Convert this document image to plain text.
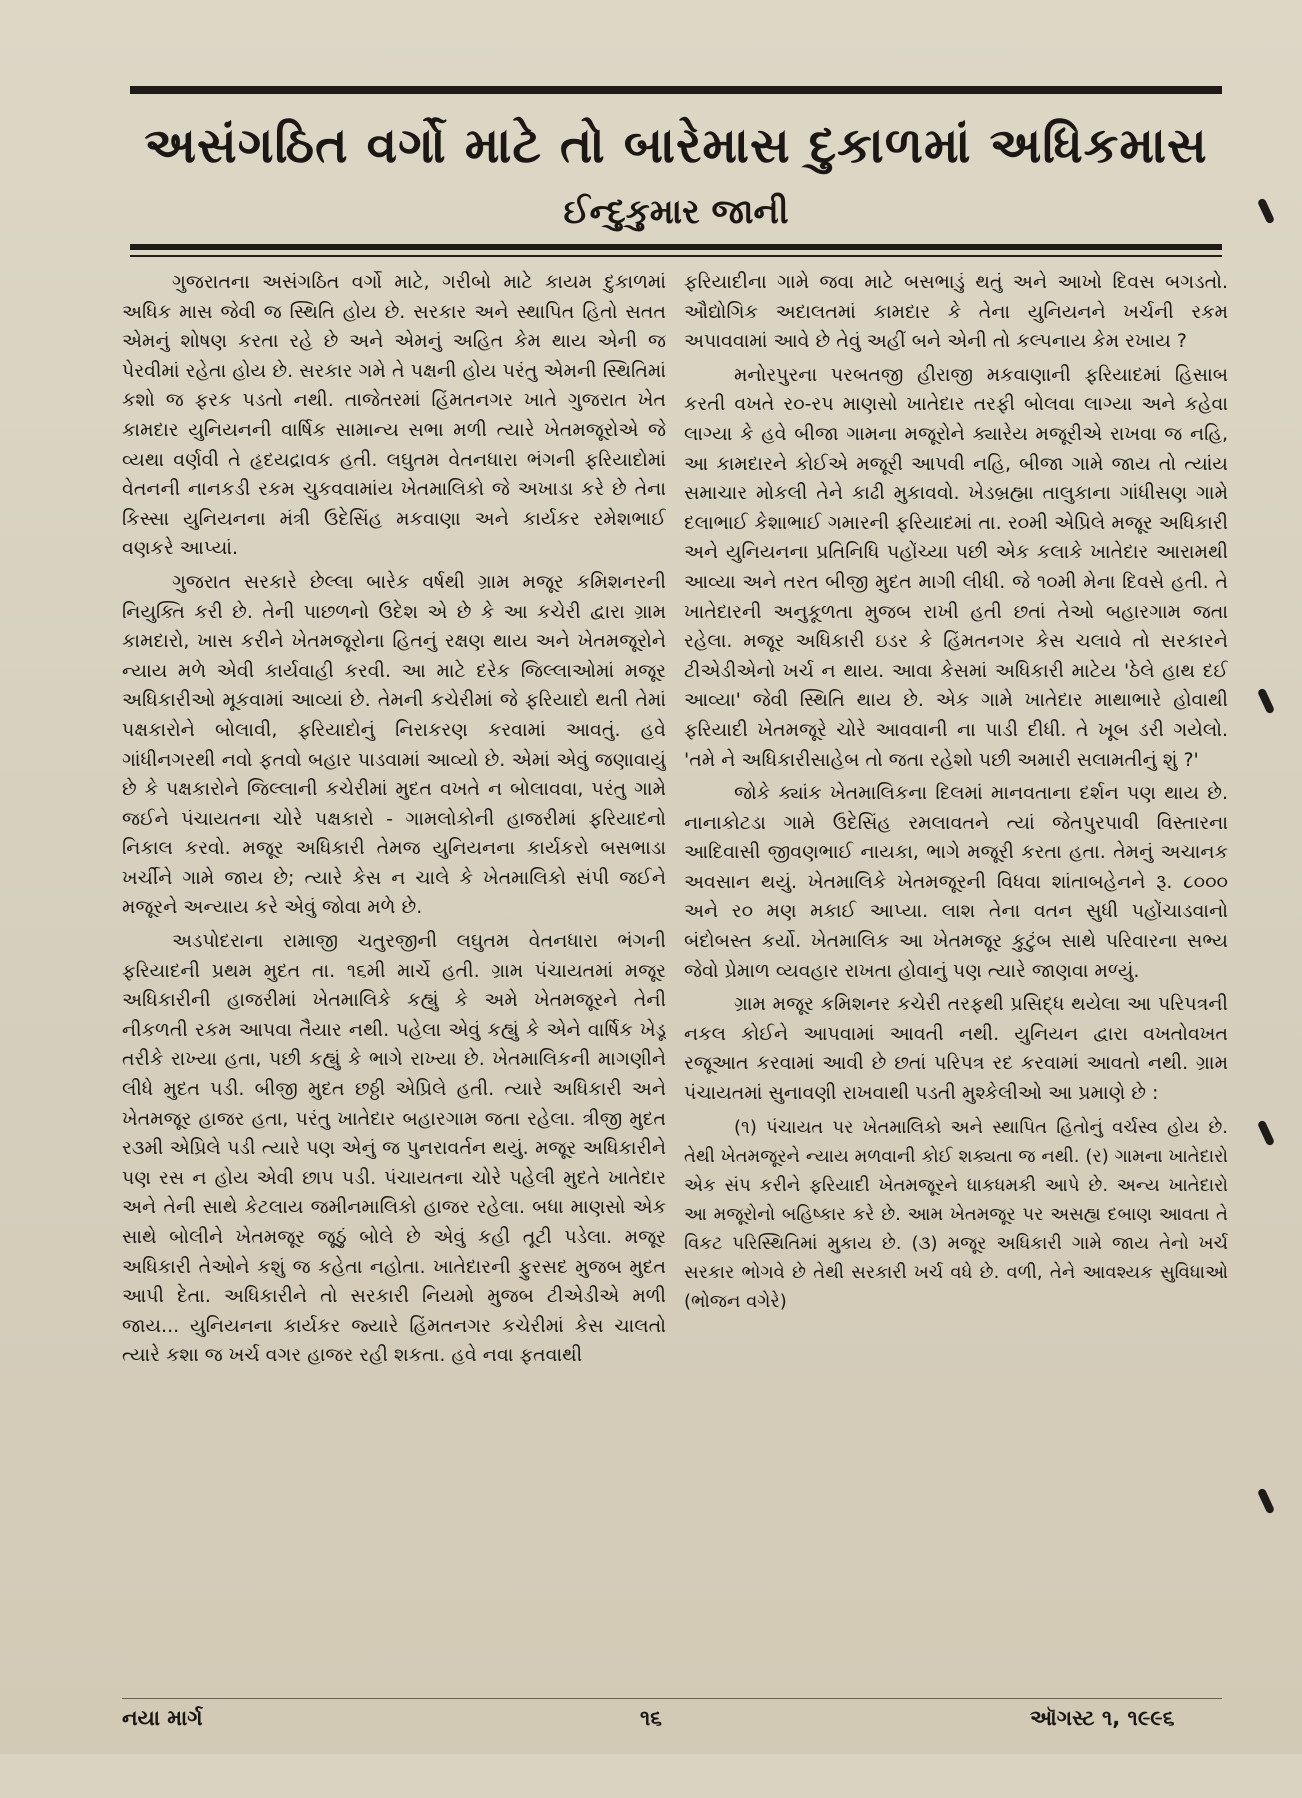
અસંગઠિત વર્ગો માટે તો બારેમાસ દુકાળમાં અધિકમાસ
ઈન્દુકુમાર જાની

ગુજરાતના અસંગઠિત વર્ગો માટે, ગરીબો માટે કાયમ દુકાળમાં અધિક માસ જેવી જ સ્થિતિ હોય છે. સરકાર અને સ્થાપિત હિતો સતત એમનું શોષણ કરતા રહે છે અને એમનું અહિત કેમ થાય એની જ પેરવીમાં રહેતા હોય છે. સરકાર ગમે તે પક્ષની હોય પરંતુ એમની સ્થિતિમાં કશો જ ફરક પડતો નથી. તાજેતરમાં હિંમતનગર ખાતે ગુજરાત ખેત કામદાર યુનિયનની વાર્ષિક સામાન્ય સભા મળી ત્યારે ખેતમજૂરોએ જે વ્યથા વર્ણવી તે હૃદયદ્રાવક હતી. લઘુતમ વેતનધારા ભંગની ફરિયાદોમાં વેતનની નાનકડી રકમ ચુકવવામાંય ખેતમાલિકો જે અખાડા કરે છે તેના કિસ્સા યુનિયનના મંત્રી ઉદેસિંહ મકવાણા અને કાર્યકર રમેશભાઈ વણકરે આપ્યાં.

ગુજરાત સરકારે છેલ્લા બારેક વર્ષથી ગ્રામ મજૂર કમિશનરની નિયુક્તિ કરી છે. તેની પાછળનો ઉદેશ એ છે કે આ કચેરી દ્વારા ગ્રામ કામદારો, ખાસ કરીને ખેતમજૂરોના હિતનું રક્ષણ થાય અને ખેતમજૂરોને ન્યાય મળે એવી કાર્યવાહી કરવી. આ માટે દરેક જિલ્લાઓમાં મજૂર અધિકારીઓ મૂકવામાં આવ્યાં છે. તેમની કચેરીમાં જે ફરિયાદો થતી તેમાં પક્ષકારોને બોલાવી, ફરિયાદોનું નિરાકરણ કરવામાં આવતું. હવે ગાંધીનગરથી નવો ફતવો બહાર પાડવામાં આવ્યો છે. એમાં એવું જણાવાયું છે કે પક્ષકારોને જિલ્લાની કચેરીમાં મુદત વખતે ન બોલાવવા, પરંતુ ગામે જઈને પંચાયતના ચોરે પક્ષકારો - ગામલોકોની હાજરીમાં ફરિયાદનો નિકાલ કરવો. મજૂર અધિકારી તેમજ યુનિયનના કાર્યકરો બસભાડા ખર્ચીને ગામે જાય છે; ત્યારે કેસ ન ચાલે કે ખેતમાલિકો સંપી જઈને મજૂરને અન્યાય કરે એવું જોવા મળે છે.

અડપોદરાના રામાજી ચતુરજીની લઘુતમ વેતનધારા ભંગની ફરિયાદની પ્રથમ મુદત તા. ૧૬મી માર્ચે હતી. ગ્રામ પંચાયતમાં મજૂર અધિકારીની હાજરીમાં ખેતમાલિકે કહ્યું કે અમે ખેતમજૂરને તેની નીકળતી રકમ આપવા તૈયાર નથી. પહેલા એવું કહ્યું કે એને વાર્ષિક ખેડૂ તરીકે રાખ્યા હતા, પછી કહ્યું કે ભાગે રાખ્યા છે. ખેતમાલિકની માગણીને લીધે મુદત પડી. બીજી મુદત છઠ્ઠી એપ્રિલે હતી. ત્યારે અધિકારી અને ખેતમજૂર હાજર હતા, પરંતુ ખાતેદાર બહારગામ જતા રહેલા. ત્રીજી મુદત ર૩મી એપ્રિલે પડી ત્યારે પણ એનું જ પુનરાવર્તન થયું. મજૂર અધિકારીને પણ રસ ન હોય એવી છાપ પડી. પંચાયતના ચોરે પહેલી મુદતે ખાતેદાર અને તેની સાથે કેટલાય જમીનમાલિકો હાજર રહેલા. બધા માણસો એક સાથે બોલીને ખેતમજૂર જૂઠું બોલે છે એવું કહી તૂટી પડેલા. મજૂર અધિકારી તેઓને કશું જ કહેતા નહોતા. ખાતેદારની ફુરસદ મુજબ મુદત આપી દેતા. અધિકારીને તો સરકારી નિયમો મુજબ ટીએડીએ મળી જાય... યુનિયનના કાર્યકર જ્યારે હિંમતનગર કચેરીમાં કેસ ચાલતો ત્યારે કશા જ ખર્ચ વગર હાજર રહી શકતા. હવે નવા ફતવાથી

ફરિયાદીના ગામે જવા માટે બસભાડું થતું અને આખો દિવસ બગડતો. ઔદ્યોગિક અદાલતમાં કામદાર કે તેના યુનિયનને ખર્ચની રકમ અપાવવામાં આવે છે તેવું અહીં બને એની તો કલ્પનાય કેમ રખાય ?

મનોરપુરના પરબતજી હીરાજી મકવાણાની ફરિયાદમાં હિસાબ કરતી વખતે ર૦-રપ માણસો ખાતેદાર તરફી બોલવા લાગ્યા અને કહેવા લાગ્યા કે હવે બીજા ગામના મજૂરોને ક્યારેય મજૂરીએ રાખવા જ નહિ, આ કામદારને કોઈએ મજૂરી આપવી નહિ, બીજા ગામે જાય તો ત્યાંય સમાચાર મોકલી તેને કાઢી મુકાવવો. ખેડબ્રહ્મા તાલુકાના ગાંધીસણ ગામે દલાભાઈ કેશાભાઈ ગમારની ફરિયાદમાં તા. ર૦મી એપ્રિલે મજૂર અધિકારી અને યુનિયનના પ્રતિનિધિ પહોંચ્યા પછી એક કલાકે ખાતેદાર આરામથી આવ્યા અને તરત બીજી મુદત માગી લીધી. જે ૧૦મી મેના દિવસે હતી. તે ખાતેદારની અનુકૂળતા મુજબ રાખી હતી છતાં તેઓ બહારગામ જતા રહેલા. મજૂર અધિકારી ઇડર કે હિંમતનગર કેસ ચલાવે તો સરકારને ટીએડીએનો ખર્ચ ન થાય. આવા કેસમાં અધિકારી માટેય 'ઠેલે હાથ દઈ આવ્યા' જેવી સ્થિતિ થાય છે. એક ગામે ખાતેદાર માથાભારે હોવાથી ફરિયાદી ખેતમજૂરે ચોરે આવવાની ના પાડી દીધી. તે ખૂબ ડરી ગયેલો. 'તમે ને અધિકારીસાહેબ તો જતા રહેશો પછી અમારી સલામતીનું શું ?'

જોકે ક્યાંક ખેતમાલિકના દિલમાં માનવતાના દર્શન પણ થાય છે. નાનાકોટડા ગામે ઉદેસિંહ રમલાવતને ત્યાં જેતપુરપાવી વિસ્તારના આદિવાસી જીવણભાઈ નાયકા, ભાગે મજૂરી કરતા હતા. તેમનું અચાનક અવસાન થયું. ખેતમાલિકે ખેતમજૂરની વિધવા શાંતાબહેનને રૂ. ૮૦૦૦ અને ર૦ મણ મકાઈ આપ્યા. લાશ તેના વતન સુધી પહોંચાડવાનો બંદોબસ્ત કર્યો. ખેતમાલિક આ ખેતમજૂર કુટુંબ સાથે પરિવારના સભ્ય જેવો પ્રેમાળ વ્યવહાર રાખતા હોવાનું પણ ત્યારે જાણવા મળ્યું.

ગ્રામ મજૂર કમિશનર કચેરી તરફથી પ્રસિદ્ધ થયેલા આ પરિપત્રની નકલ કોઈને આપવામાં આવતી નથી. યુનિયન દ્વારા વખતોવખત રજૂઆત કરવામાં આવી છે છતાં પરિપત્ર રદ કરવામાં આવતો નથી. ગ્રામ પંચાયતમાં સુનાવણી રાખવાથી પડતી મુશ્કેલીઓ આ પ્રમાણે છે :

(૧) પંચાયત પર ખેતમાલિકો અને સ્થાપિત હિતોનું વર્ચસ્વ હોય છે. તેથી ખેતમજૂરને ન્યાય મળવાની કોઈ શક્યતા જ નથી. (ર) ગામના ખાતેદારો એક સંપ કરીને ફરિયાદી ખેતમજૂરને ધાકધમકી આપે છે. અન્ય ખાતેદારો આ મજૂરોનો બહિષ્કાર કરે છે. આમ ખેતમજૂર પર અસહ્ય દબાણ આવતા તે વિકટ પરિસ્થિતિમાં મુકાય છે. (૩) મજૂર અધિકારી ગામે જાય તેનો ખર્ચ સરકાર ભોગવે છે તેથી સરકારી ખર્ચ વધે છે. વળી, તેને આવશ્યક સુવિધાઓ (ભોજન વગેરે)

નયા માર્ગ	૧૬	ઑગસ્ટ ૧, ૧૯૯૬
